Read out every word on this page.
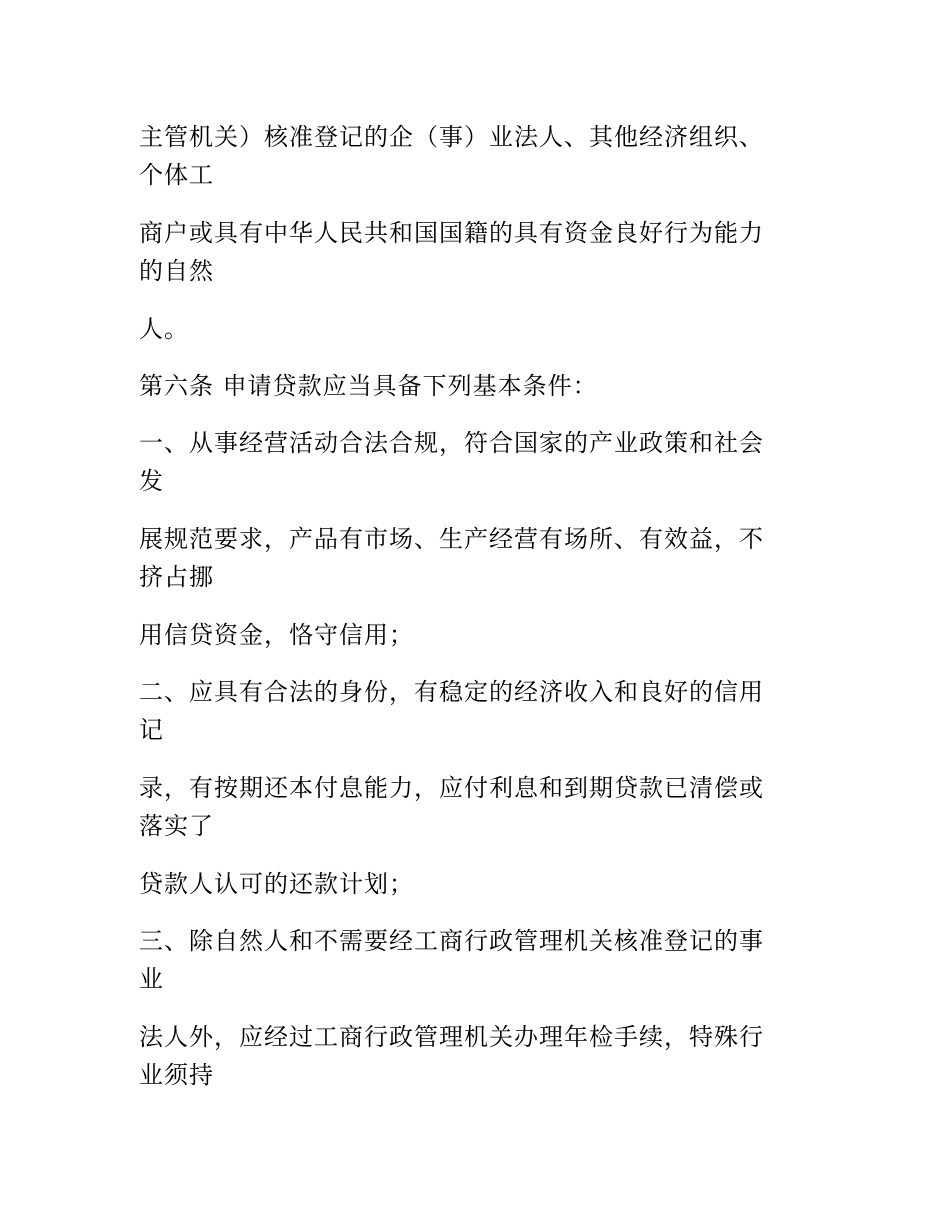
主管机关）核准登记的企（事）业法人、其他经济组织、
个体工

商户或具有中华人民共和国国籍的具有资金良好行为能力
的自然

人。

第六条 申请贷款应当具备下列基本条件：

一、从事经营活动合法合规，符合国家的产业政策和社会
发

展规范要求，产品有市场、生产经营有场所、有效益，不
挤占挪

用信贷资金，恪守信用；

二、应具有合法的身份，有稳定的经济收入和良好的信用
记

录，有按期还本付息能力，应付利息和到期贷款已清偿或
落实了

贷款人认可的还款计划；

三、除自然人和不需要经工商行政管理机关核准登记的事
业

法人外，应经过工商行政管理机关办理年检手续，特殊行
业须持
